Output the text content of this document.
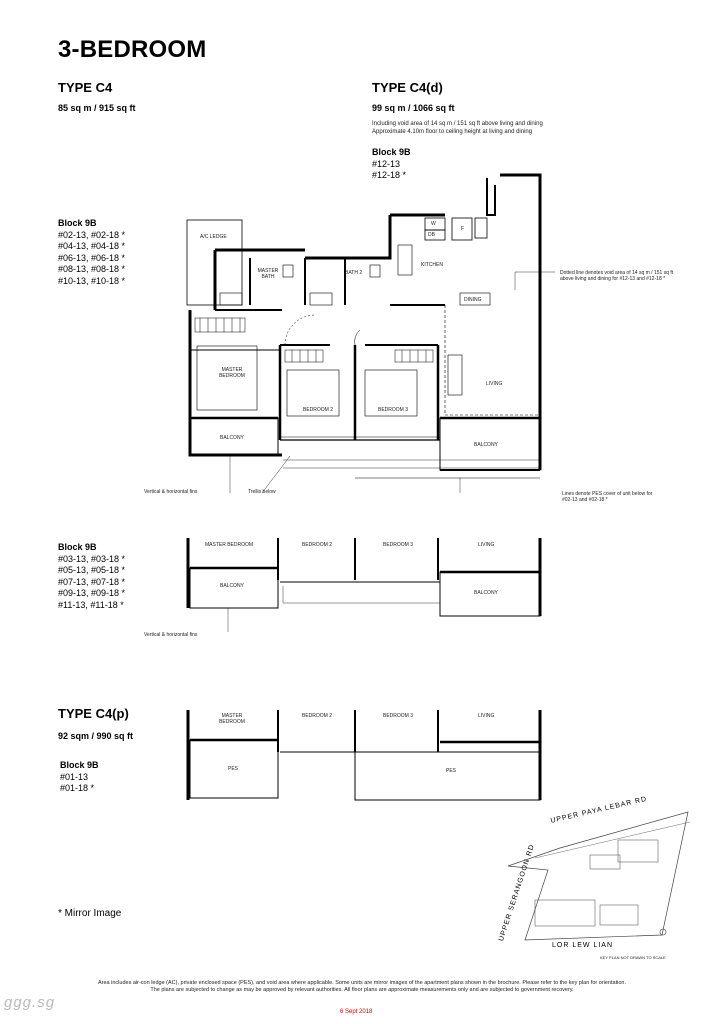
3-BEDROOM
TYPE C4
85 sq m / 915 sq ft
TYPE C4(d)
99 sq m / 1066 sq ft
Including void area of 14 sq m / 151 sq ft above living and dining
Approximate 4.10m floor to ceiling height at living and dining
Block 9B
#12-13
#12-18 *
Block 9B
#02-13, #02-18 *
#04-13, #04-18 *
#06-13, #06-18 *
#08-13, #08-18 *
#10-13, #10-18 *
Block 9B
#03-13, #03-18 *
#05-13, #05-18 *
#07-13, #07-18 *
#09-13, #09-18 *
#11-13, #11-18 *
TYPE C4(p)
92 sqm / 990 sq ft
Block 9B
#01-13
#01-18 *
* Mirror Image
A/C LEDGE
MASTER BATH
BATH 2
KITCHEN
W
DB
F
DINING
MASTER BEDROOM
BEDROOM 2	BEDROOM 3
LIVING
BALCONY
BALCONY
Vertical & horizontal fins	Trellis below
Dotted line denotes void area of 14 sq m / 151 sq ft above living and dining for #12-13 and #12-18 *
Lines denote PES cover of unit below for #02-13 and #02-18 *
MASTER BEDROOM	BEDROOM 2	BEDROOM 3	LIVING
BALCONY
BALCONY
Vertical & horizontal fins
MASTER BEDROOM
BEDROOM 2	BEDROOM 3	LIVING
PES	PES
UPPER PAYA LEBAR RD
UPPER SERANGOON RD
LOR LEW LIAN
KEY PLAN NOT DRAWN TO SCALE
Area includes air-con ledge (AC), private enclosed space (PES), and void area where applicable. Some units are mirror images of the apartment plans shown in the brochure. Please refer to the key plan for orientation.
The plans are subjected to change as may be approved by relevant authorities. All floor plans are approximate measurements only and are subjected to government recovery.
6 Sept 2018
ggg.sg
